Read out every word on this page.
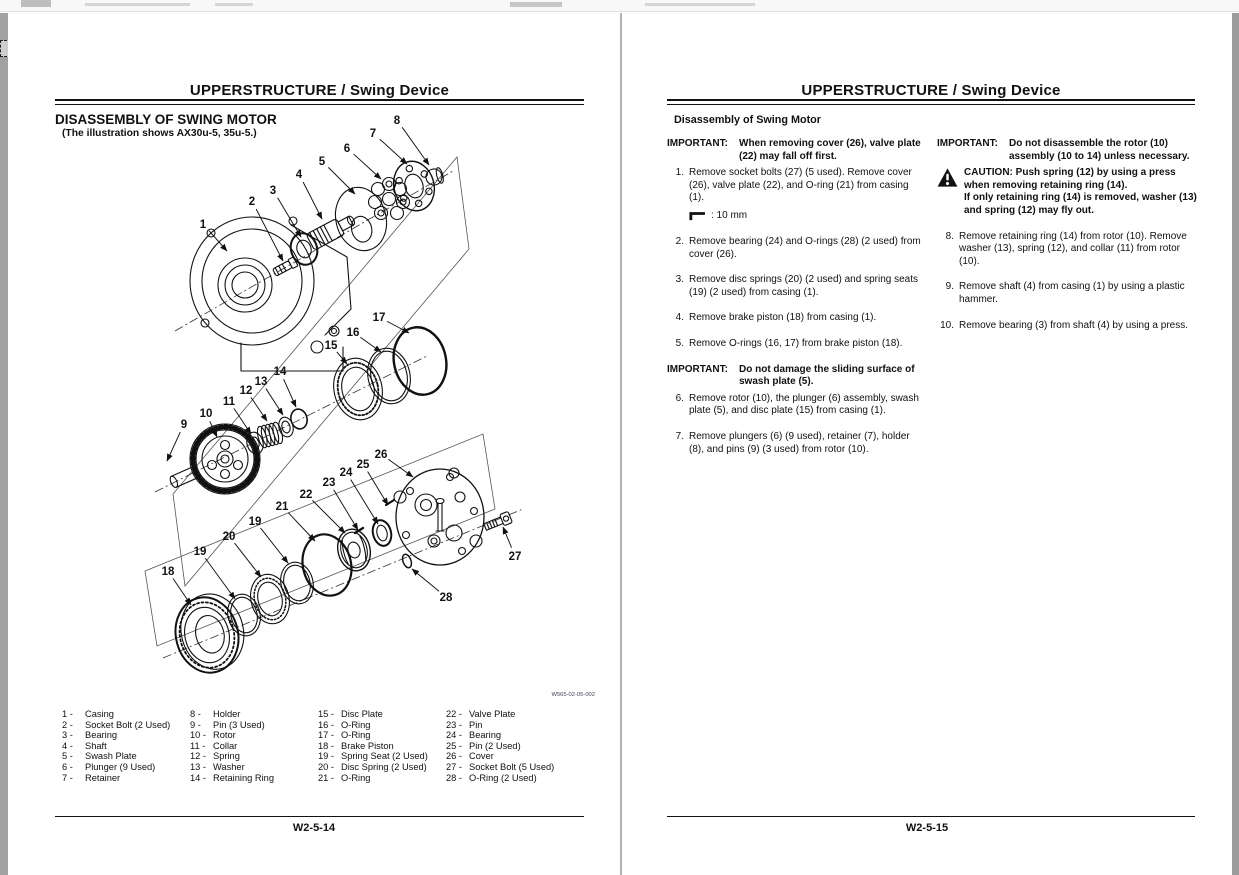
UPPERSTRUCTURE / Swing Device
DISASSEMBLY OF SWING MOTOR
(The illustration shows AX30u-5, 35u-5.)
1
2
3
4
5
6
7
8
9
10
11
12
13
14
15
16
17
18
19
20
19
21
22
23
24
25
26
27
28
W565-02-05-002
1 -	Casing
2 -	Socket Bolt (2 Used)
3 -	Bearing
4 -	Shaft
5 -	Swash Plate
6 -	Plunger (9 Used)
7 -	Retainer
8 -	Holder
9 -	Pin (3 Used)
10 - Rotor
11 - Collar
12 - Spring
13 - Washer
14 - Retaining Ring
15 - Disc Plate
16 - O-Ring
17 - O-Ring
18 - Brake Piston
19 - Spring Seat (2 Used)
20 - Disc Spring (2 Used)
21 - O-Ring
22 - Valve Plate
23 - Pin
24 - Bearing
25 - Pin (2 Used)
26 - Cover
27 - Socket Bolt (5 Used)
28 - O-Ring (2 Used)
W2-5-14
UPPERSTRUCTURE / Swing Device
Disassembly of Swing Motor
IMPORTANT:	When removing cover (26), valve plate (22) may fall off first.
1. Remove socket bolts (27) (5 used). Remove cover (26), valve plate (22), and O-ring (21) from casing (1).
: 10 mm
2. Remove bearing (24) and O-rings (28) (2 used) from cover (26).
3. Remove disc springs (20) (2 used) and spring seats (19) (2 used) from casing (1).
4. Remove brake piston (18) from casing (1).
5. Remove O-rings (16, 17) from brake piston (18).
IMPORTANT:	Do not damage the sliding surface of swash plate (5).
6. Remove rotor (10), the plunger (6) assembly, swash plate (5), and disc plate (15) from casing (1).
7. Remove plungers (6) (9 used), retainer (7), holder (8), and pins (9) (3 used) from rotor (10).
IMPORTANT:	Do not disassemble the rotor (10) assembly (10 to 14) unless necessary.
CAUTION: Push spring (12) by using a press when removing retaining ring (14).
If only retaining ring (14) is removed, washer (13) and spring (12) may fly out.
8. Remove retaining ring (14) from rotor (10). Remove washer (13), spring (12), and collar (11) from rotor (10).
9. Remove shaft (4) from casing (1) by using a plastic hammer.
10. Remove bearing (3) from shaft (4) by using a press.
W2-5-15
